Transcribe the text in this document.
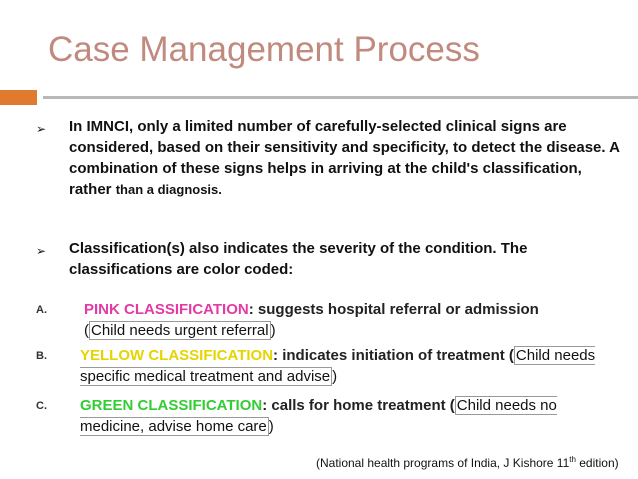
Case Management Process
➢ In IMNCI, only a limited number of carefully-selected clinical signs are considered, based on their sensitivity and specificity, to detect the disease. A combination of these signs helps in arriving at the child's classification, rather than a diagnosis.
➢ Classification(s) also indicates the severity of the condition. The classifications are color coded:
A. PINK CLASSIFICATION: suggests hospital referral or admission
( Child needs urgent referral )
B. YELLOW CLASSIFICATION: indicates initiation of treatment ( Child needs specific medical treatment and advise )
C. GREEN CLASSIFICATION: calls for home treatment ( Child needs no medicine, advise home care )
(National health programs of India, J Kishore 11th edition)
